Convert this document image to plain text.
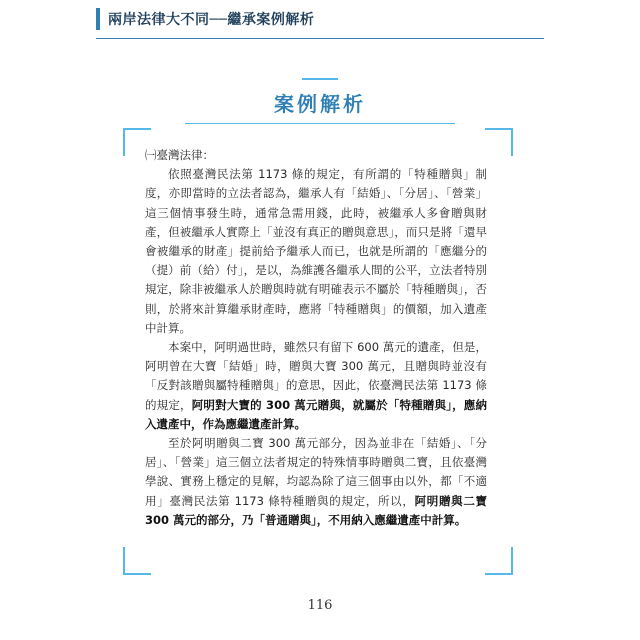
兩岸法律大不同──繼承案例解析
案例解析

㈠臺灣法律：

依照臺灣民法第 1173 條的規定，有所謂的「特種贈與」制度，亦即當時的立法者認為，繼承人有「結婚」、「分居」、「營業」這三個情事發生時，通常急需用錢，此時，被繼承人多會贈與財產，但被繼承人實際上「並沒有真正的贈與意思」，而只是將「還早會被繼承的財產」提前給予繼承人而已，也就是所謂的「應繼分的（提）前（給）付」，是以，為維護各繼承人間的公平，立法者特別規定，除非被繼承人於贈與時就有明確表示不屬於「特種贈與」，否則，於將來計算繼承財產時，應將「特種贈與」的價額，加入遺產中計算。

本案中，阿明過世時，雖然只有留下 600 萬元的遺產，但是，阿明曾在大寶「結婚」時，贈與大寶 300 萬元，且贈與時並沒有「反對該贈與屬特種贈與」的意思，因此，依臺灣民法第 1173 條的規定，阿明對大寶的 300 萬元贈與，就屬於「特種贈與」，應納入遺產中，作為應繼遺產計算。

至於阿明贈與二寶 300 萬元部分，因為並非在「結婚」、「分居」、「營業」這三個立法者規定的特殊情事時贈與二寶，且依臺灣學說、實務上穩定的見解，均認為除了這三個事由以外，都「不適用」臺灣民法第 1173 條特種贈與的規定，所以，阿明贈與二寶 300 萬元的部分，乃「普通贈與」，不用納入應繼遺產中計算。

116
